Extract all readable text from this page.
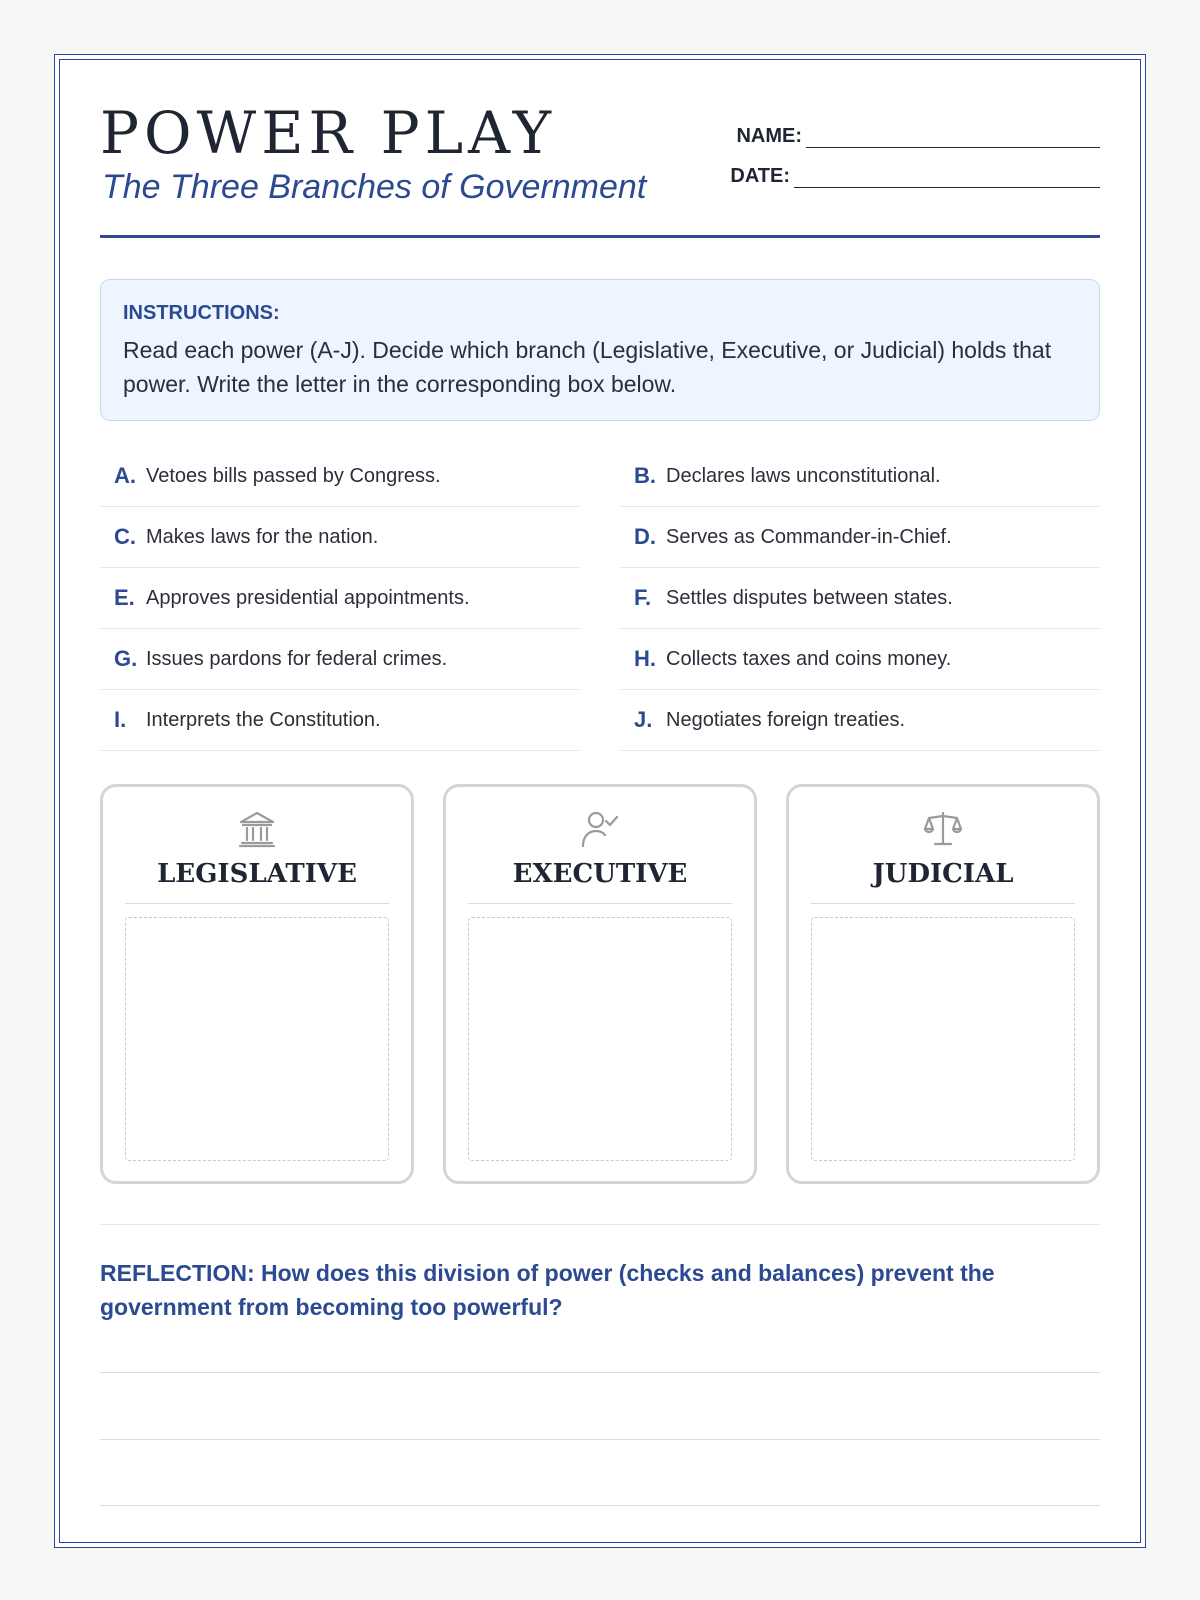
POWER PLAY
The Three Branches of Government
NAME:
DATE:
INSTRUCTIONS:
Read each power (A-J). Decide which branch (Legislative, Executive, or Judicial) holds that power. Write the letter in the corresponding box below.
A. Vetoes bills passed by Congress.	B. Declares laws unconstitutional.
C. Makes laws for the nation.	D. Serves as Commander-in-Chief.
E. Approves presidential appointments.	F. Settles disputes between states.
G. Issues pardons for federal crimes.	H. Collects taxes and coins money.
I. Interprets the Constitution.	J. Negotiates foreign treaties.
LEGISLATIVE	EXECUTIVE	JUDICIAL
REFLECTION: How does this division of power (checks and balances) prevent the government from becoming too powerful?
